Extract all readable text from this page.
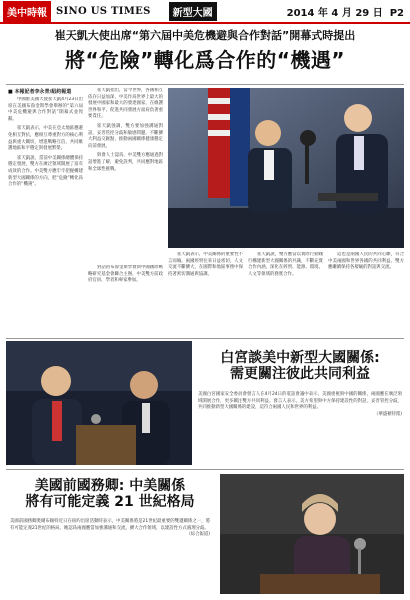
美中時報 SINO US TIMES	新型大國	2014 年 4 月 29 日 P2
崔天凱大使出席“第六屆中美危機避與合作對話”開幕式時提出
將“危險”轉化爲合作的“機遇”
■ 本報記者李永青/紐約報道

中國駐美國大使崔天凱4月23日出席在美國布魯金斯學會舉辦的“第六屆中美危機避與合作對話”開幕式並致辭。

崔天凱表示，中美在亞太地區應避免相互對抗，應相互尊重對方的核心利益與重大關切，增進戰略互信，共同維護地區和平穩定與發展繁榮。

崔天凱說，當前中美關係總體保持穩定發展，雙方在廣泛領域開展了富有成效的合作。中美雙方應牢牢把握構建新型大國關係的方向，把“危險”轉化爲合作的“機遇”。

崔天凱指出，當今世界，各國相互依存日益加深，中美作爲世界上最大的發展中國家和最大的發達國家，在維護世界和平、促進共同發展方面肩負著重要責任。

崔天凱強調，雙方要加強溝通對話，妥善管控分歧和敏感問題，不斷擴大利益交匯點，推動兩國關係健康穩定向前發展。

與會人士認爲，中美雙方應通過對話增進了解，避免誤判，共同應對地區和全球性挑戰。

對話由布魯金斯學會與中國國際戰略研究基金會聯合主辦，中美雙方前政府官員、學者和專家參加。

崔天凱表示，中美關係的重要性不言而喻。兩國經貿往來日益密切，人文交流不斷擴大，在國際和地區事務中保持著密切溝通與協調。

崔天凱說，雙方應當以實際行動踐行構建新型大國關係的共識，不斷充實合作內涵，深化在經貿、能源、環境、人文等領域的務實合作。

這也是兩國人民的共同心願，符合中美兩國和世界各國的共同利益。雙方應繼續保持各層級的對話與交流。

白宮談美中新型大國關係:
需更關注彼此共同利益
美國白宮國家安全委員會發言人在4月24日的電話會議中表示，美國重視與中國的關係，兩國應在廣泛領域開展合作，更多關注雙方共同利益。發言人表示，美方希望與中方保持建設性的對話，妥善管控分歧，共同推動新型大國關係的建設，這符合兩國人民和世界的利益。
（華盛頓特派)
美國前國務卿: 中美關係
將有可能定義 21 世紀格局
美國前國務卿奧爾布賴特近日在紐約出席活動時表示，中美關係將是21世紀最重要的雙邊關係之一，將有可能定義21世紀的格局。她認爲兩國應當加強溝通和交流，擴大合作領域，以建設性方式處理分歧。
（綜合報道)
